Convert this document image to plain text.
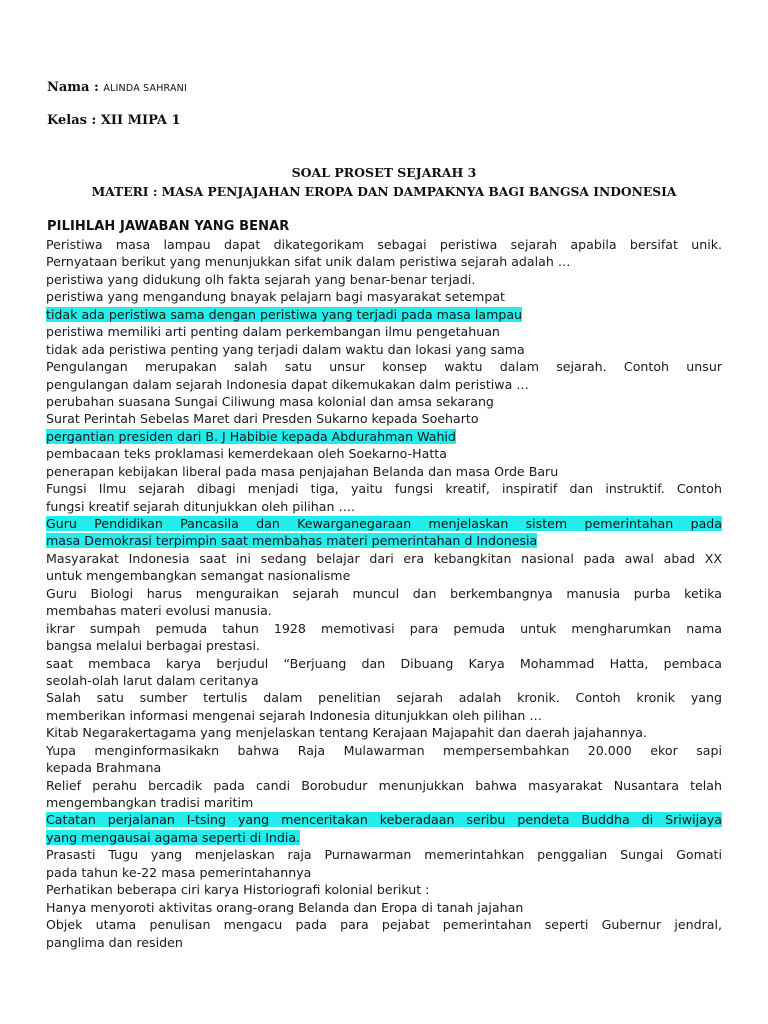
Nama : ALINDA SAHRANI
Kelas : XII MIPA 1
SOAL PROSET SEJARAH 3
MATERI : MASA PENJAJAHAN EROPA DAN DAMPAKNYA BAGI BANGSA INDONESIA
PILIHLAH JAWABAN YANG BENAR
Peristiwa masa lampau dapat dikategorikam sebagai peristiwa sejarah apabila bersifat unik.
Pernyataan berikut yang menunjukkan sifat unik dalam peristiwa sejarah adalah …
peristiwa yang didukung olh fakta sejarah yang benar-benar terjadi.
peristiwa yang mengandung bnayak pelajarn bagi masyarakat setempat
tidak ada peristiwa sama dengan peristiwa yang terjadi pada masa lampau
peristiwa memiliki arti penting dalam perkembangan ilmu pengetahuan
tidak ada peristiwa penting yang terjadi dalam waktu dan lokasi yang sama
Pengulangan merupakan salah satu unsur konsep waktu dalam sejarah. Contoh unsur
pengulangan dalam sejarah Indonesia dapat dikemukakan dalm peristiwa …
perubahan suasana Sungai Ciliwung masa kolonial dan amsa sekarang
Surat Perintah Sebelas Maret dari Presden Sukarno kepada Soeharto
pergantian presiden dari B. J Habibie kepada Abdurahman Wahid
pembacaan teks proklamasi kemerdekaan oleh Soekarno-Hatta
penerapan kebijakan liberal pada masa penjajahan Belanda dan masa Orde Baru
Fungsi Ilmu sejarah dibagi menjadi tiga, yaitu fungsi kreatif, inspiratif dan instruktif. Contoh
fungsi kreatif sejarah ditunjukkan oleh pilihan ….
Guru Pendidikan Pancasila dan Kewarganegaraan menjelaskan sistem pemerintahan pada
masa Demokrasi terpimpin saat membahas materi pemerintahan d Indonesia
Masyarakat Indonesia saat ini sedang belajar dari era kebangkitan nasional pada awal abad XX
untuk mengembangkan semangat nasionalisme
Guru Biologi harus menguraikan sejarah muncul dan berkembangnya manusia purba ketika
membahas materi evolusi manusia.
ikrar sumpah pemuda tahun 1928 memotivasi para pemuda untuk mengharumkan nama
bangsa melalui berbagai prestasi.
saat membaca karya berjudul “Berjuang dan Dibuang Karya Mohammad Hatta, pembaca
seolah-olah larut dalam ceritanya
Salah satu sumber tertulis dalam penelitian sejarah adalah kronik. Contoh kronik yang
memberikan informasi mengenai sejarah Indonesia ditunjukkan oleh pilihan …
Kitab Negarakertagama yang menjelaskan tentang Kerajaan Majapahit dan daerah jajahannya.
Yupa menginformasikakn bahwa Raja Mulawarman mempersembahkan 20.000 ekor sapi
kepada Brahmana
Relief perahu bercadik pada candi Borobudur menunjukkan bahwa masyarakat Nusantara telah
mengembangkan tradisi maritim
Catatan perjalanan I-tsing yang menceritakan keberadaan seribu pendeta Buddha di Sriwijaya
yang mengausai agama seperti di India.
Prasasti Tugu yang menjelaskan raja Purnawarman memerintahkan penggalian Sungai Gomati
pada tahun ke-22 masa pemerintahannya
Perhatikan beberapa ciri karya Historiografi kolonial berikut :
Hanya menyoroti aktivitas orang-orang Belanda dan Eropa di tanah jajahan
Objek utama penulisan mengacu pada para pejabat pemerintahan seperti Gubernur jendral,
panglima dan residen
